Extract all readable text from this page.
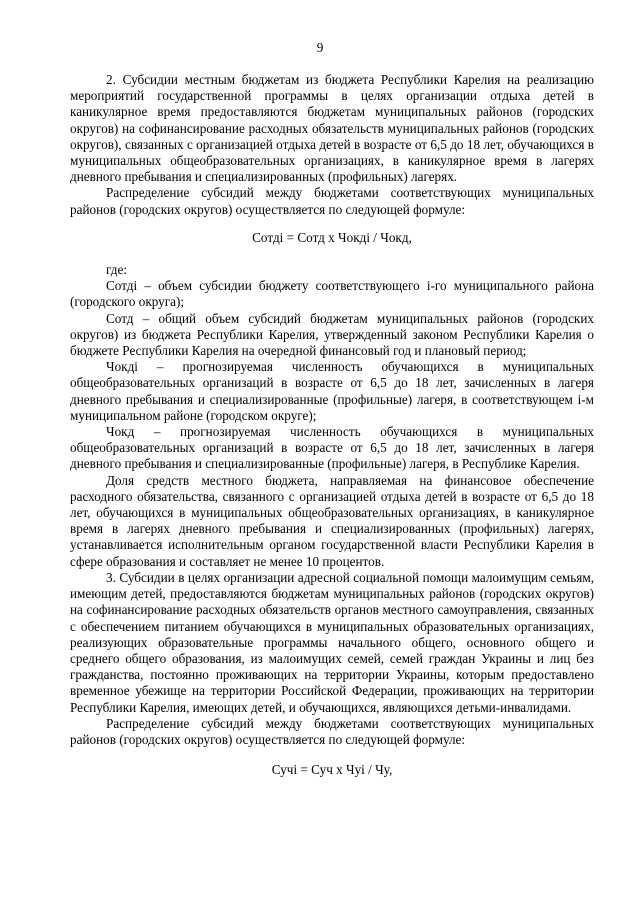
9

2. Субсидии местным бюджетам из бюджета Республики Карелия на реализацию мероприятий государственной программы в целях организации отдыха детей в каникулярное время предоставляются бюджетам муниципальных районов (городских округов) на софинансирование расходных обязательств муниципальных районов (городских округов), связанных с организацией отдыха детей в возрасте от 6,5 до 18 лет, обучающихся в муниципальных общеобразовательных организациях, в каникулярное время в лагерях дневного пребывания и специализированных (профильных) лагерях.

Распределение субсидий между бюджетами соответствующих муниципальных районов (городских округов) осуществляется по следующей формуле:

Сотдi = Сотд x Чокдi / Чокд,

где:

Сотдi – объем субсидии бюджету соответствующего i-го муниципального района (городского округа);

Сотд – общий объем субсидий бюджетам муниципальных районов (городских округов) из бюджета Республики Карелия, утвержденный законом Республики Карелия о бюджете Республики Карелия на очередной финансовый год и плановый период;

Чокдi – прогнозируемая численность обучающихся в муниципальных общеобразовательных организаций в возрасте от 6,5 до 18 лет, зачисленных в лагеря дневного пребывания и специализированные (профильные) лагеря, в соответствующем i-м муниципальном районе (городском округе);

Чокд – прогнозируемая численность обучающихся в муниципальных общеобразовательных организаций в возрасте от 6,5 до 18 лет, зачисленных в лагеря дневного пребывания и специализированные (профильные) лагеря, в Республике Карелия.

Доля средств местного бюджета, направляемая на финансовое обеспечение расходного обязательства, связанного с организацией отдыха детей в возрасте от 6,5 до 18 лет, обучающихся в муниципальных общеобразовательных организациях, в каникулярное время в лагерях дневного пребывания и специализированных (профильных) лагерях, устанавливается исполнительным органом государственной власти Республики Карелия в сфере образования и составляет не менее 10 процентов.

3. Субсидии в целях организации адресной социальной помощи малоимущим семьям, имеющим детей, предоставляются бюджетам муниципальных районов (городских округов) на софинансирование расходных обязательств органов местного самоуправления, связанных с обеспечением питанием обучающихся в муниципальных образовательных организациях, реализующих образовательные программы начального общего, основного общего и среднего общего образования, из малоимущих семей, семей граждан Украины и лиц без гражданства, постоянно проживающих на территории Украины, которым предоставлено временное убежище на территории Российской Федерации, проживающих на территории Республики Карелия, имеющих детей, и обучающихся, являющихся детьми-инвалидами.

Распределение субсидий между бюджетами соответствующих муниципальных районов (городских округов) осуществляется по следующей формуле:

Сучi = Суч x Чуi / Чу,
